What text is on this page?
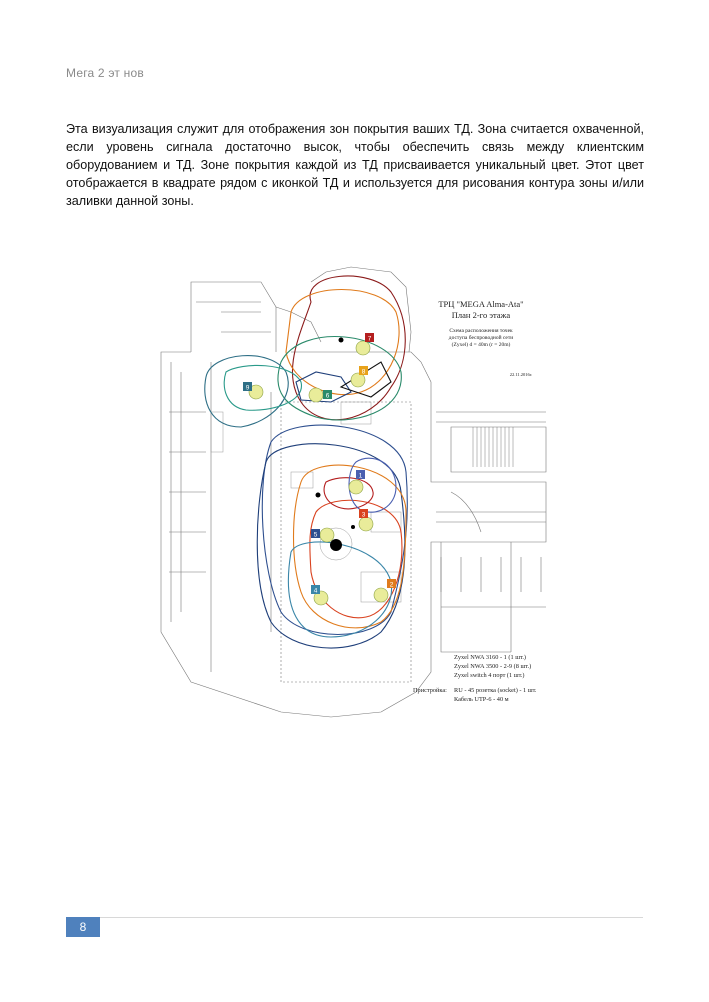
Мега 2 эт нов
Эта визуализация служит для отображения зон покрытия ваших ТД. Зона считается охваченной, если уровень сигнала достаточно высок, чтобы обеспечить связь между клиентским оборудованием и ТД. Зоне покрытия каждой из ТД присваивается уникальный цвет. Этот цвет отображается в квадрате рядом с иконкой ТД и используется для рисования контура зоны и/или заливки данной зоны.
7
8
6
9
1
3
5
2
4
ТРЦ "MEGA Alma-Ata"
План 2-го этажа
Схема расположения точек
доступа беспроводной сети
(Zyxel) d = 40m (r = 20m)
22.11.2016г.
Zyxel NWA 3160 - 1 (1 шт.)
Zyxel NWA 3500 - 2-9 (8 шт.)
Zyxel switch 4 порт (1 шт.)
Пристройка: RU - 45 розетка (socket) - 1 шт.
Кабель UTP-6 - 40 м
8
